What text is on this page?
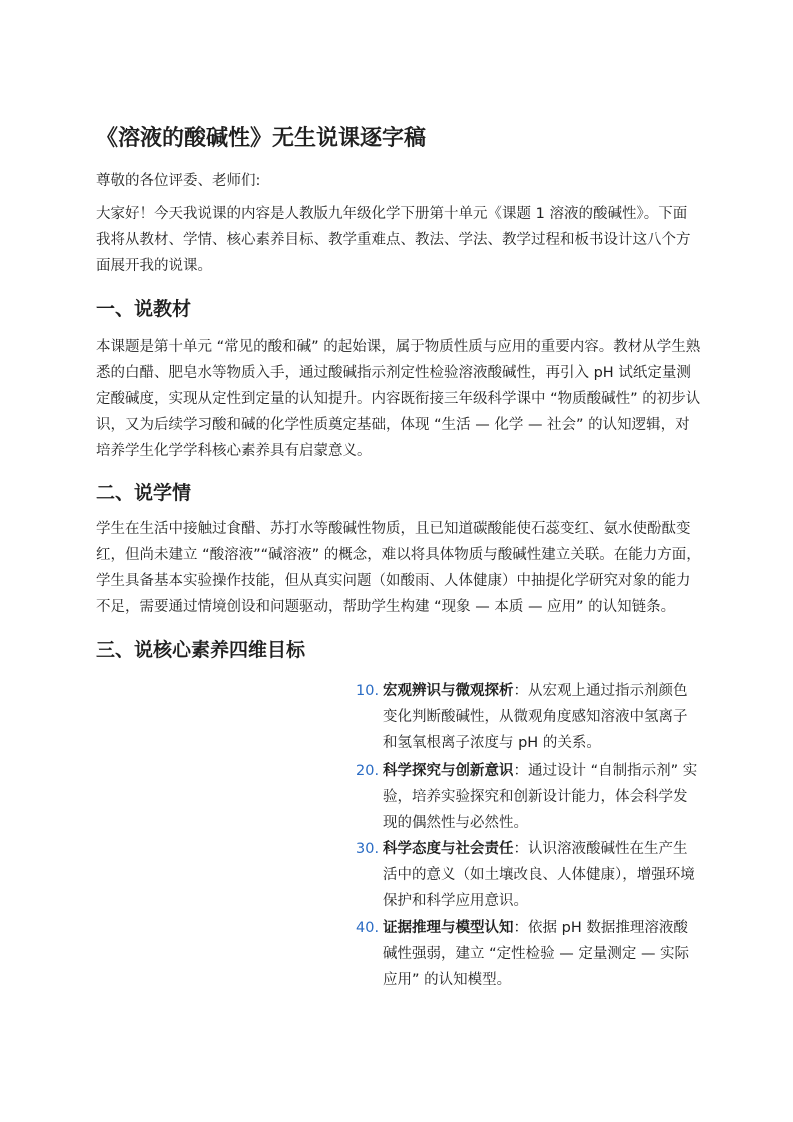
《溶液的酸碱性》无生说课逐字稿

尊敬的各位评委、老师们:

大家好！今天我说课的内容是人教版九年级化学下册第十单元《课题 1 溶液的酸碱性》。下面我将从教材、学情、核心素养目标、教学重难点、教法、学法、教学过程和板书设计这八个方面展开我的说课。

一、说教材

本课题是第十单元 “常见的酸和碱” 的起始课，属于物质性质与应用的重要内容。教材从学生熟悉的白醋、肥皂水等物质入手，通过酸碱指示剂定性检验溶液酸碱性，再引入 pH 试纸定量测定酸碱度，实现从定性到定量的认知提升。内容既衔接三年级科学课中 “物质酸碱性” 的初步认识，又为后续学习酸和碱的化学性质奠定基础，体现 “生活 — 化学 — 社会” 的认知逻辑，对培养学生化学学科核心素养具有启蒙意义。

二、说学情

学生在生活中接触过食醋、苏打水等酸碱性物质，且已知道碳酸能使石蕊变红、氨水使酚酞变红，但尚未建立 “酸溶液”“碱溶液” 的概念，难以将具体物质与酸碱性建立关联。在能力方面，学生具备基本实验操作技能，但从真实问题（如酸雨、人体健康）中抽提化学研究对象的能力不足，需要通过情境创设和问题驱动，帮助学生构建 “现象 — 本质 — 应用” 的认知链条。

三、说核心素养四维目标
10. 宏观辨识与微观探析：从宏观上通过指示剂颜色变化判断酸碱性，从微观角度感知溶液中氢离子和氢氧根离子浓度与 pH 的关系。
20. 科学探究与创新意识：通过设计 “自制指示剂” 实验，培养实验探究和创新设计能力，体会科学发现的偶然性与必然性。
30. 科学态度与社会责任：认识溶液酸碱性在生产生活中的意义（如土壤改良、人体健康），增强环境保护和科学应用意识。
40. 证据推理与模型认知：依据 pH 数据推理溶液酸碱性强弱，建立 “定性检验 — 定量测定 — 实际应用” 的认知模型。
